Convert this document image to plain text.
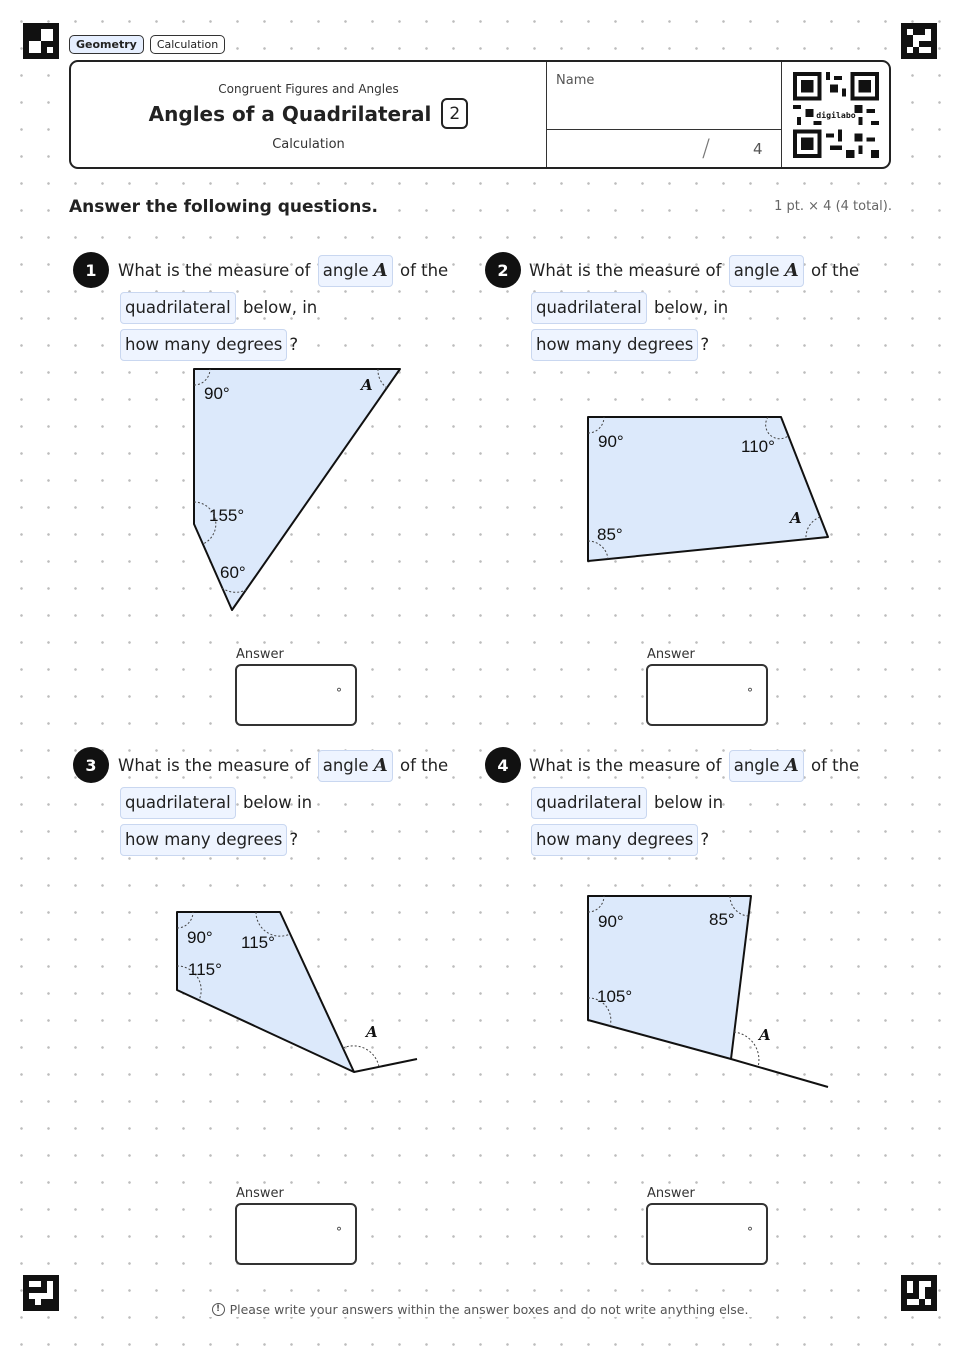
Geometry	Calculation
Congruent Figures and Angles
Angles of a Quadrilateral	2
Calculation
Name
/	4
digilabo
Answer the following questions.	1 pt. × 4 (4 total).
1	What is the measure of angle A of the quadrilateral below, in how many degrees ?
90°	A
155°
60°
Answer
°
2	What is the measure of angle A of the quadrilateral below, in how many degrees ?
90°	110°
A
85°
Answer
°
3	What is the measure of angle A of the quadrilateral below in how many degrees ?
90° 115°
115°
A
Answer
°
4	What is the measure of angle A of the quadrilateral below in how many degrees ?
90°	85°
105°
A
Answer
°
! Please write your answers within the answer boxes and do not write anything else.
